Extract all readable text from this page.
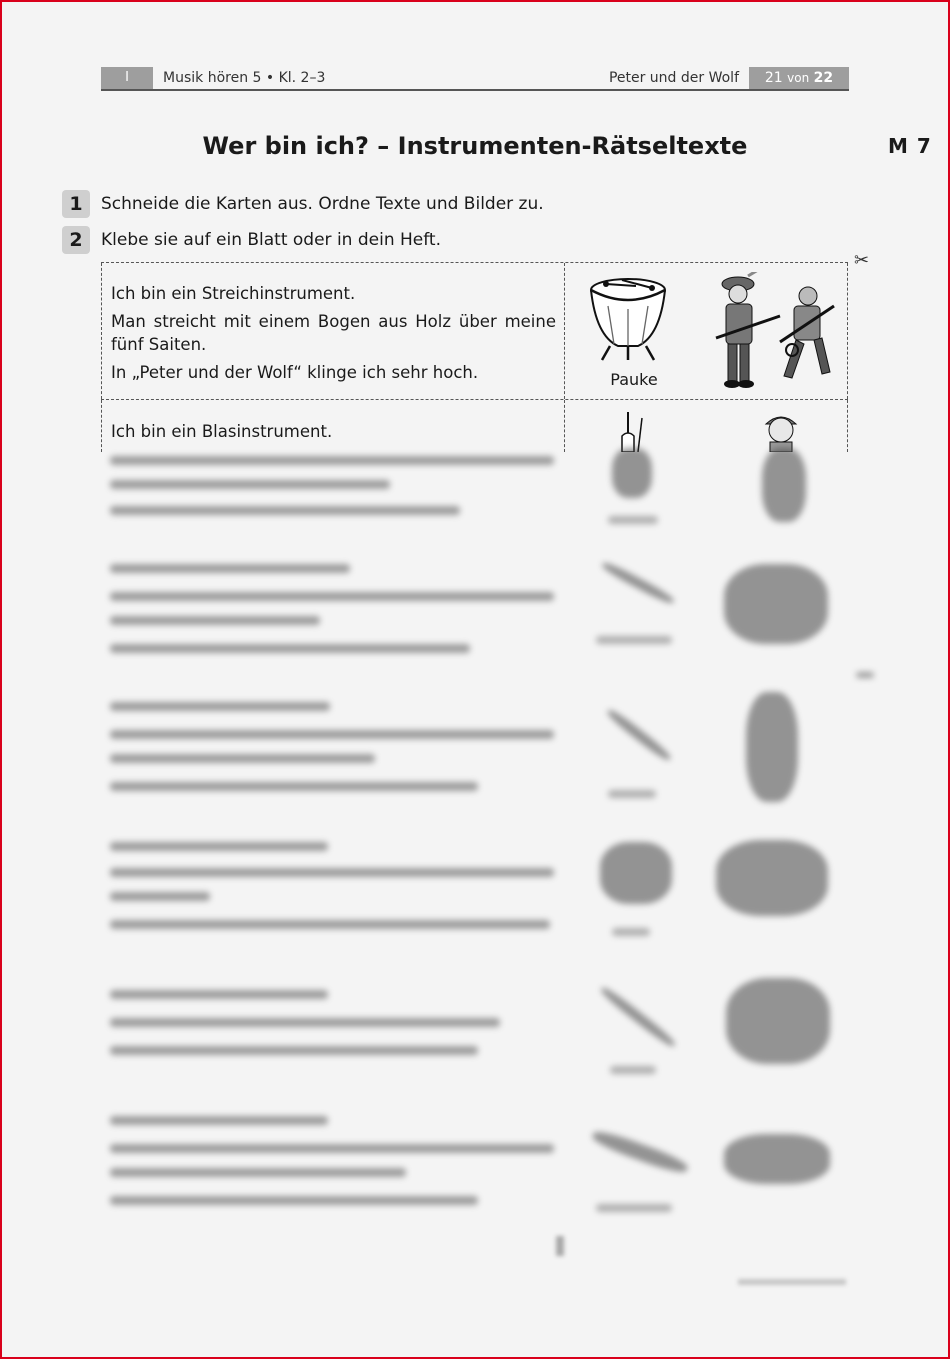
I	Musik hören 5 • Kl. 2–3	Peter und der Wolf	21 von 22
Wer bin ich? – Instrumenten-Rätseltexte	M 7
1	Schneide die Karten aus. Ordne Texte und Bilder zu.
2	Klebe sie auf ein Blatt oder in dein Heft.
✂

Ich bin ein Streichinstrument.

Man streicht mit einem Bogen aus Holz über meine fünf Saiten.

In „Peter und der Wolf“ klinge ich sehr hoch.	Pauke

Ich bin ein Blasinstrument.
